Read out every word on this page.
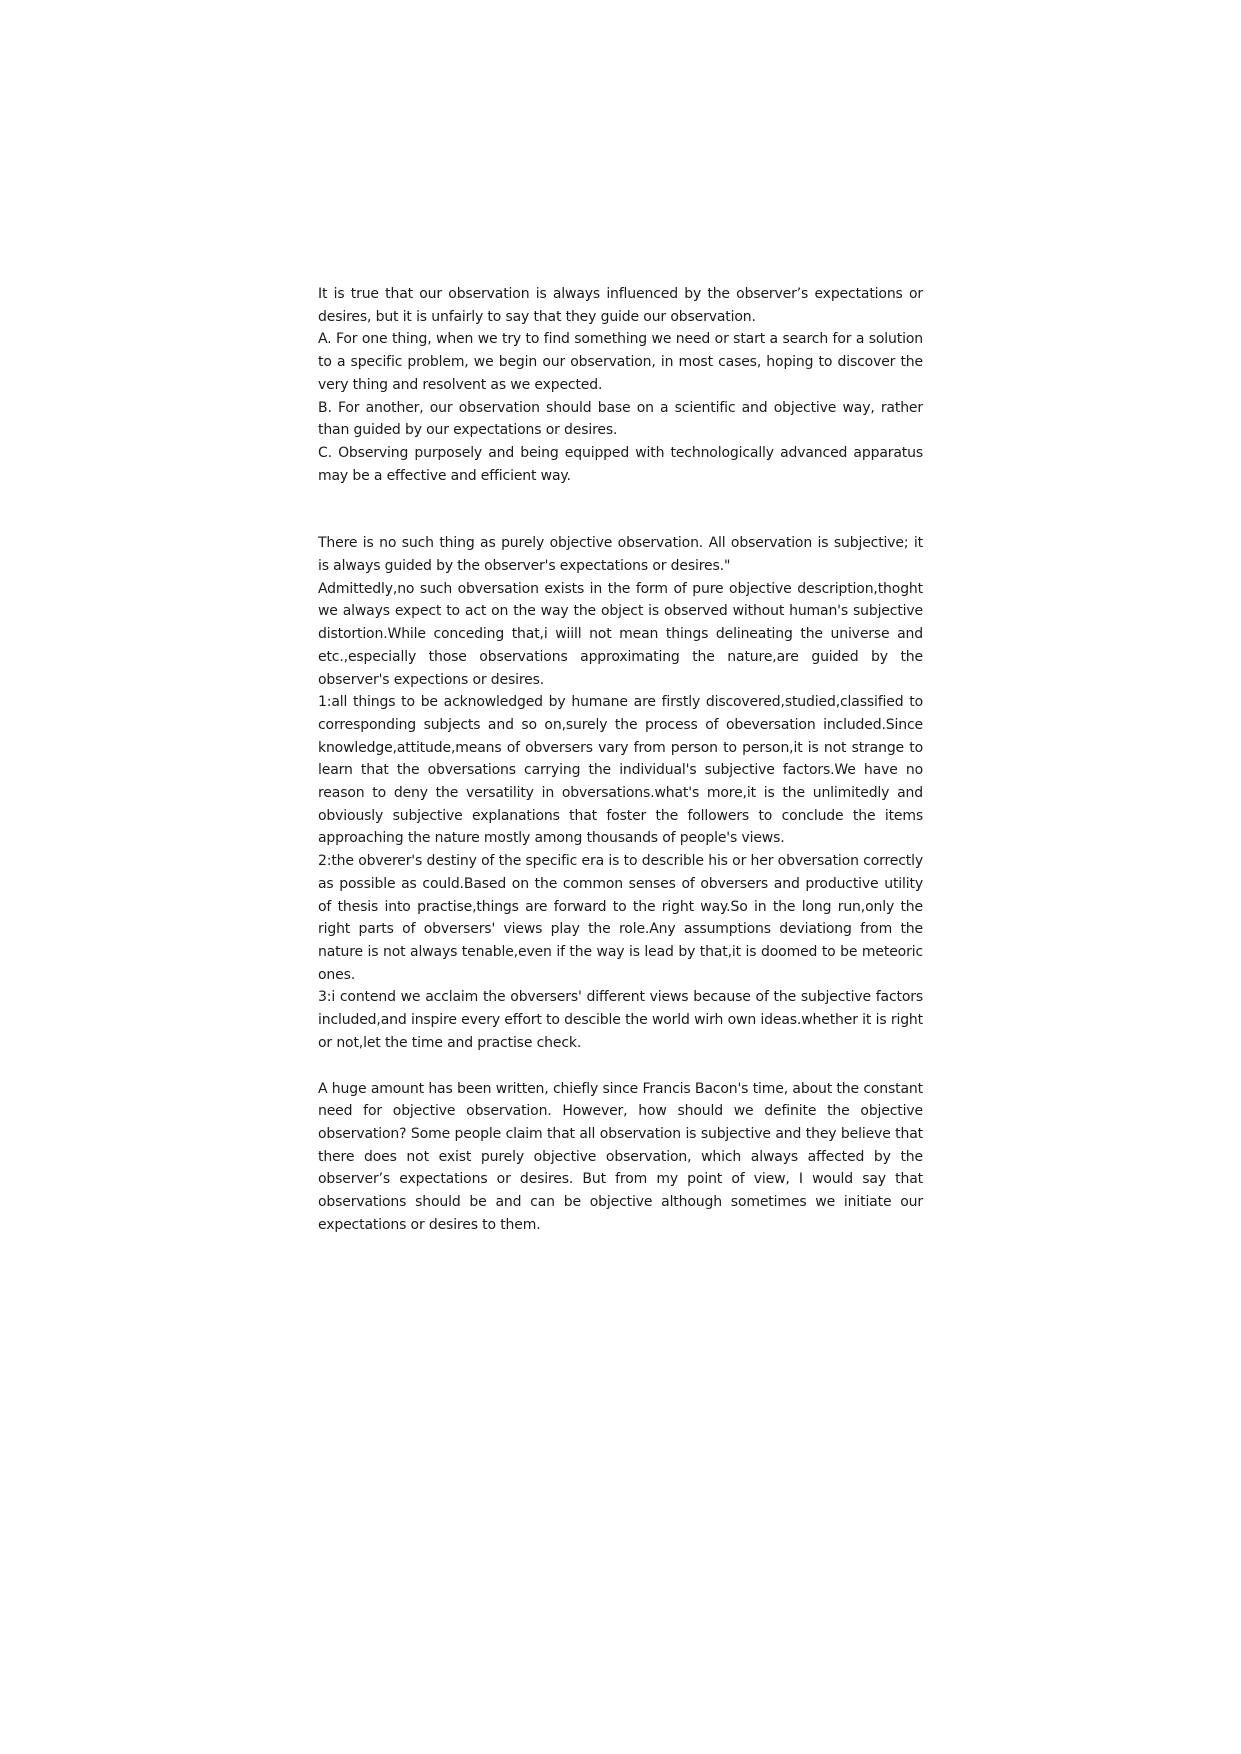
It is true that our observation is always influenced by the observer’s expectations or desires, but it is unfairly to say that they guide our observation.

A. For one thing, when we try to find something we need or start a search for a solution to a specific problem, we begin our observation, in most cases, hoping to discover the very thing and resolvent as we expected.

B. For another, our observation should base on a scientific and objective way, rather than guided by our expectations or desires.

C. Observing purposely and being equipped with technologically advanced apparatus may be a effective and efficient way.

There is no such thing as purely objective observation. All observation is subjective; it is always guided by the observer's expectations or desires."

Admittedly,no such obversation exists in the form of pure objective description,thoght we always expect to act on the way the object is observed without human's subjective distortion.While conceding that,i wiill not mean things delineating the universe and etc.,especially those observations approximating the nature,are guided by the observer's expections or desires.

1:all things to be acknowledged by humane are firstly discovered,studied,classified to corresponding subjects and so on,surely the process of obeversation included.Since knowledge,attitude,means of obversers vary from person to person,it is not strange to learn that the obversations carrying the individual's subjective factors.We have no reason to deny the versatility in obversations.what's more,it is the unlimitedly and obviously subjective explanations that foster the followers to conclude the items approaching the nature mostly among thousands of people's views.

2:the obverer's destiny of the specific era is to describle his or her obversation correctly as possible as could.Based on the common senses of obversers and productive utility of thesis into practise,things are forward to the right way.So in the long run,only the right parts of obversers' views play the role.Any assumptions deviationg from the nature is not always tenable,even if the way is lead by that,it is doomed to be meteoric ones.

3:i contend we acclaim the obversers' different views because of the subjective factors included,and inspire every effort to descible the world wirh own ideas.whether it is right or not,let the time and practise check.

A huge amount has been written, chiefly since Francis Bacon's time, about the constant need for objective observation. However, how should we definite the objective observation? Some people claim that all observation is subjective and they believe that there does not exist purely objective observation, which always affected by the observer’s expectations or desires. But from my point of view, I would say that observations should be and can be objective although sometimes we initiate our expectations or desires to them.
